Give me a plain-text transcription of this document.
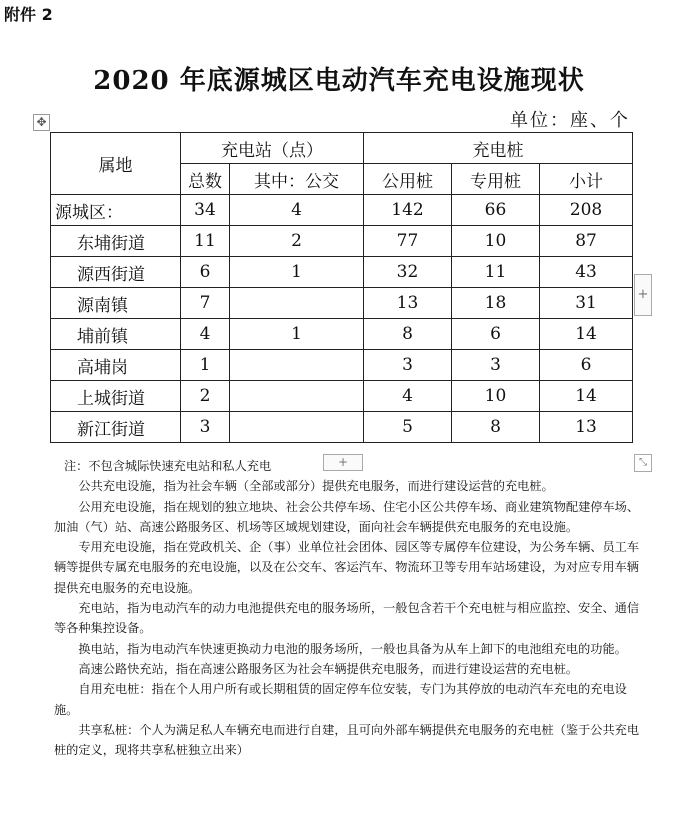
附件 2
2020 年底源城区电动汽车充电设施现状
单位：座、个
✥
属地	充电站（点）		充电桩		
	总数	其中：公交	公用桩	专用桩	小计
源城区：	34	4	142	66	208
东埔街道	11	2	77	10	87
源西街道	6	1	32	11	43
源南镇	7		13	18	31
埔前镇	4	1	8	6	14
高埔岗	1		3	3	6
上城街道	2		4	10	14
新江街道	3		5	8	13
+

注：不包含城际快速充电站和私人充电

公共充电设施，指为社会车辆（全部或部分）提供充电服务，而进行建设运营的充电桩。

公用充电设施，指在规划的独立地块、社会公共停车场、住宅小区公共停车场、商业建筑物配建停车场、加油（气）站、高速公路服务区、机场等区域规划建设，面向社会车辆提供充电服务的充电设施。

专用充电设施，指在党政机关、企（事）业单位社会团体、园区等专属停车位建设，为公务车辆、员工车辆等提供专属充电服务的充电设施，以及在公交车、客运汽车、物流环卫等专用车站场建设，为对应专用车辆提供充电服务的充电设施。

充电站，指为电动汽车的动力电池提供充电的服务场所，一般包含若干个充电桩与相应监控、安全、通信等各种集控设备。

换电站，指为电动汽车快速更换动力电池的服务场所，一般也具备为从车上卸下的电池组充电的功能。

高速公路快充站，指在高速公路服务区为社会车辆提供充电服务，而进行建设运营的充电桩。

自用充电桩：指在个人用户所有或长期租赁的固定停车位安装，专门为其停放的电动汽车充电的充电设施。

共享私桩：个人为满足私人车辆充电而进行自建，且可向外部车辆提供充电服务的充电桩（鉴于公共充电桩的定义，现将共享私桩独立出来）

+	⤡
